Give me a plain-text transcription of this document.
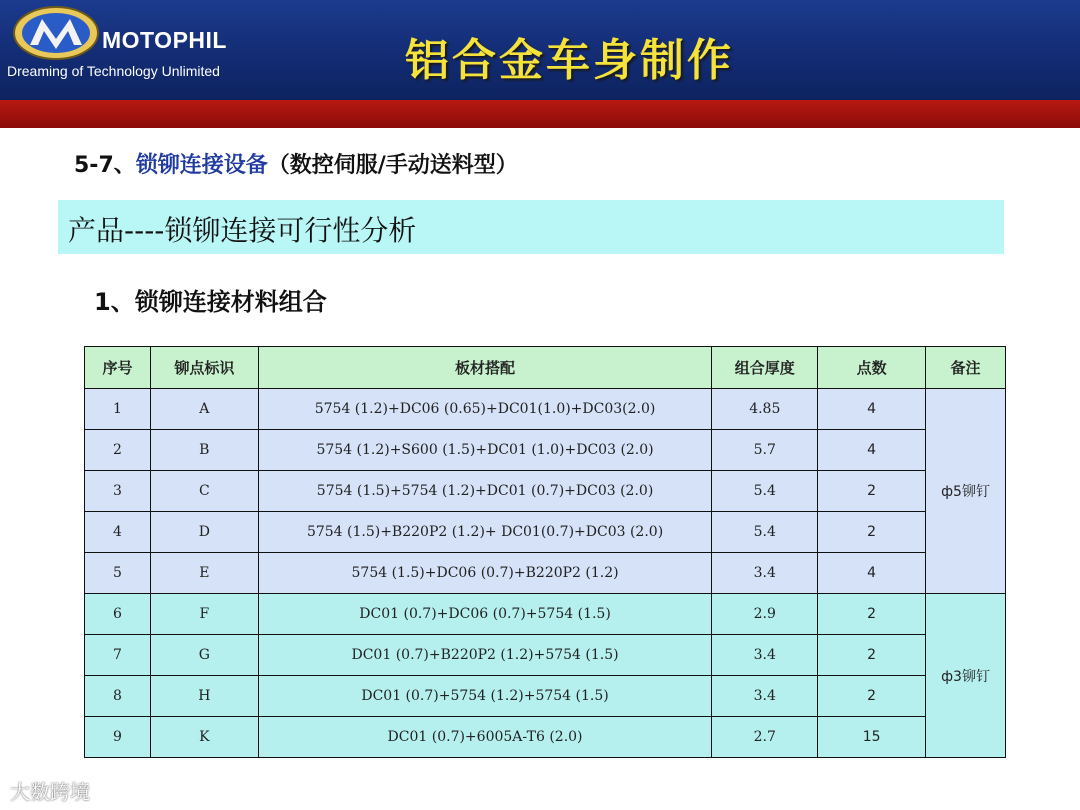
MOTOPHIL
Dreaming of Technology Unlimited	铝合金车身制作
5-7、锁铆连接设备（数控伺服/手动送料型）
产品----锁铆连接可行性分析
1、锁铆连接材料组合
序号	铆点标识	板材搭配	组合厚度	点数	备注
1	A	5754 (1.2)+DC06 (0.65)+DC01(1.0)+DC03(2.0)	4.85	4	ф5铆钉
2	B	5754 (1.2)+S600 (1.5)+DC01 (1.0)+DC03 (2.0)	5.7	4	
3	C	5754 (1.5)+5754 (1.2)+DC01 (0.7)+DC03 (2.0)	5.4	2	
4	D	5754 (1.5)+B220P2 (1.2)+ DC01(0.7)+DC03 (2.0)	5.4	2	
5	E	5754 (1.5)+DC06 (0.7)+B220P2 (1.2)	3.4	4	
6	F	DC01 (0.7)+DC06 (0.7)+5754 (1.5)	2.9	2	ф3铆钉
7	G	DC01 (0.7)+B220P2 (1.2)+5754 (1.5)	3.4	2	
8	H	DC01 (0.7)+5754 (1.2)+5754 (1.5)	3.4	2	
9	K	DC01 (0.7)+6005A-T6 (2.0)	2.7	15	
大数跨境
